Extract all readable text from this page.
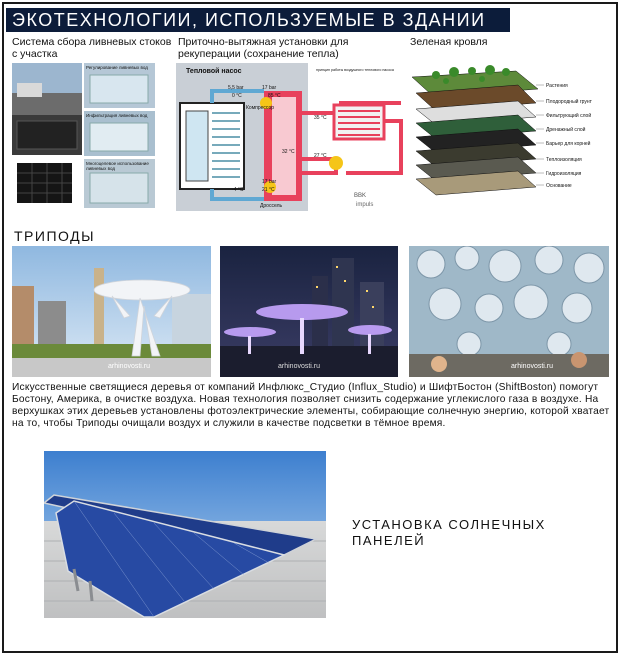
ЭКОТЕХНОЛОГИИ, ИСПОЛЬЗУЕМЫЕ В ЗДАНИИ
Система сбора ливневых стоков с участка
Приточно-вытяжная установки для рекуперации (сохранение тепла)
Зеленая кровля
Регулирование ливневых вод
Инфильтрация ливневых вод
Многоцелевое использование ливневых вод
Тепловой насос	принцип работы воздушного теплового насоса
5,5 bar
0 °C
17 bar
85 °C
Компрессор
35 °C
32 °C
27 °C
-4 °C
17 bar
21 °C
Дроссель
BBK
impuls
Растения
Плодородный грунт
Фильтрующий слой
Дренажный слой
Барьер для корней
Теплоизоляция
Гидроизоляция
Основание
ТРИПОДЫ
arhinovosti.ru	arhinovosti.ru	arhinovosti.ru
Искусственные светящиеся деревья от компаний Инфлюкс_Студио (Influx_Studio) и ШифтБостон (ShiftBoston) помогут Бостону, Америка, в очистке воздуха. Новая технология позволяет снизить содержание углекислого газа в воздухе. На верхушках этих деревьев установлены фотоэлектрические элементы, собирающие солнечную энергию, которой хватает на то, чтобы Триподы очищали воздух и служили в качестве подсветки в тёмное время.
УСТАНОВКА СОЛНЕЧНЫХ
ПАНЕЛЕЙ
